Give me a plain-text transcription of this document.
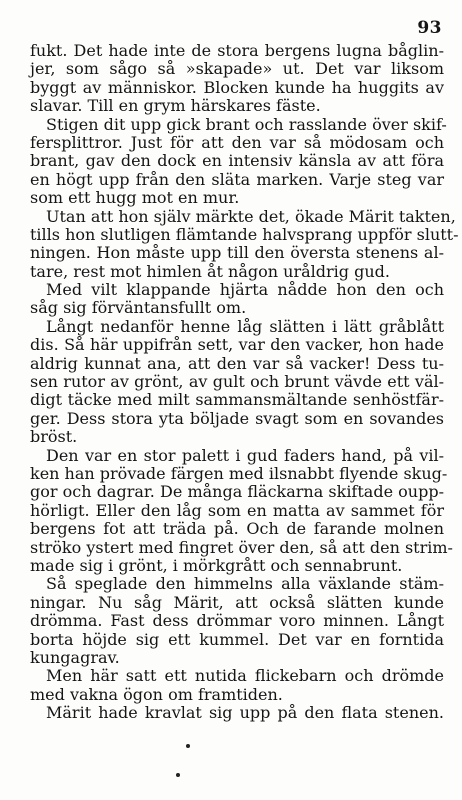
93
fukt. Det hade inte de stora bergens lugna båglin-
jer, som sågo så »skapade» ut. Det var liksom
byggt av människor. Blocken kunde ha huggits av
slavar. Till en grym härskares fäste.
Stigen dit upp gick brant och rasslande över skif-
fersplittror. Just för att den var så mödosam och
brant, gav den dock en intensiv känsla av att föra
en högt upp från den släta marken. Varje steg var
som ett hugg mot en mur.
Utan att hon själv märkte det, ökade Märit takten,
tills hon slutligen flämtande halvsprang uppför slutt-
ningen. Hon måste upp till den översta stenens al-
tare, rest mot himlen åt någon uråldrig gud.
Med vilt klappande hjärta nådde hon den och
såg sig förväntansfullt om.
Långt nedanför henne låg slätten i lätt gråblått
dis. Så här uppifrån sett, var den vacker, hon hade
aldrig kunnat ana, att den var så vacker! Dess tu-
sen rutor av grönt, av gult och brunt vävde ett väl-
digt täcke med milt sammansmältande senhöstfär-
ger. Dess stora yta böljade svagt som en sovandes
bröst.
Den var en stor palett i gud faders hand, på vil-
ken han prövade färgen med ilsnabbt flyende skug-
gor och dagrar. De många fläckarna skiftade oupp-
hörligt. Eller den låg som en matta av sammet för
bergens fot att träda på. Och de farande molnen
ströko ystert med fingret över den, så att den strim-
made sig i grönt, i mörkgrått och sennabrunt.
Så speglade den himmelns alla växlande stäm-
ningar. Nu såg Märit, att också slätten kunde
drömma. Fast dess drömmar voro minnen. Långt
borta höjde sig ett kummel. Det var en forntida
kungagrav.
Men här satt ett nutida flickebarn och drömde
med vakna ögon om framtiden.
Märit hade kravlat sig upp på den flata stenen.
